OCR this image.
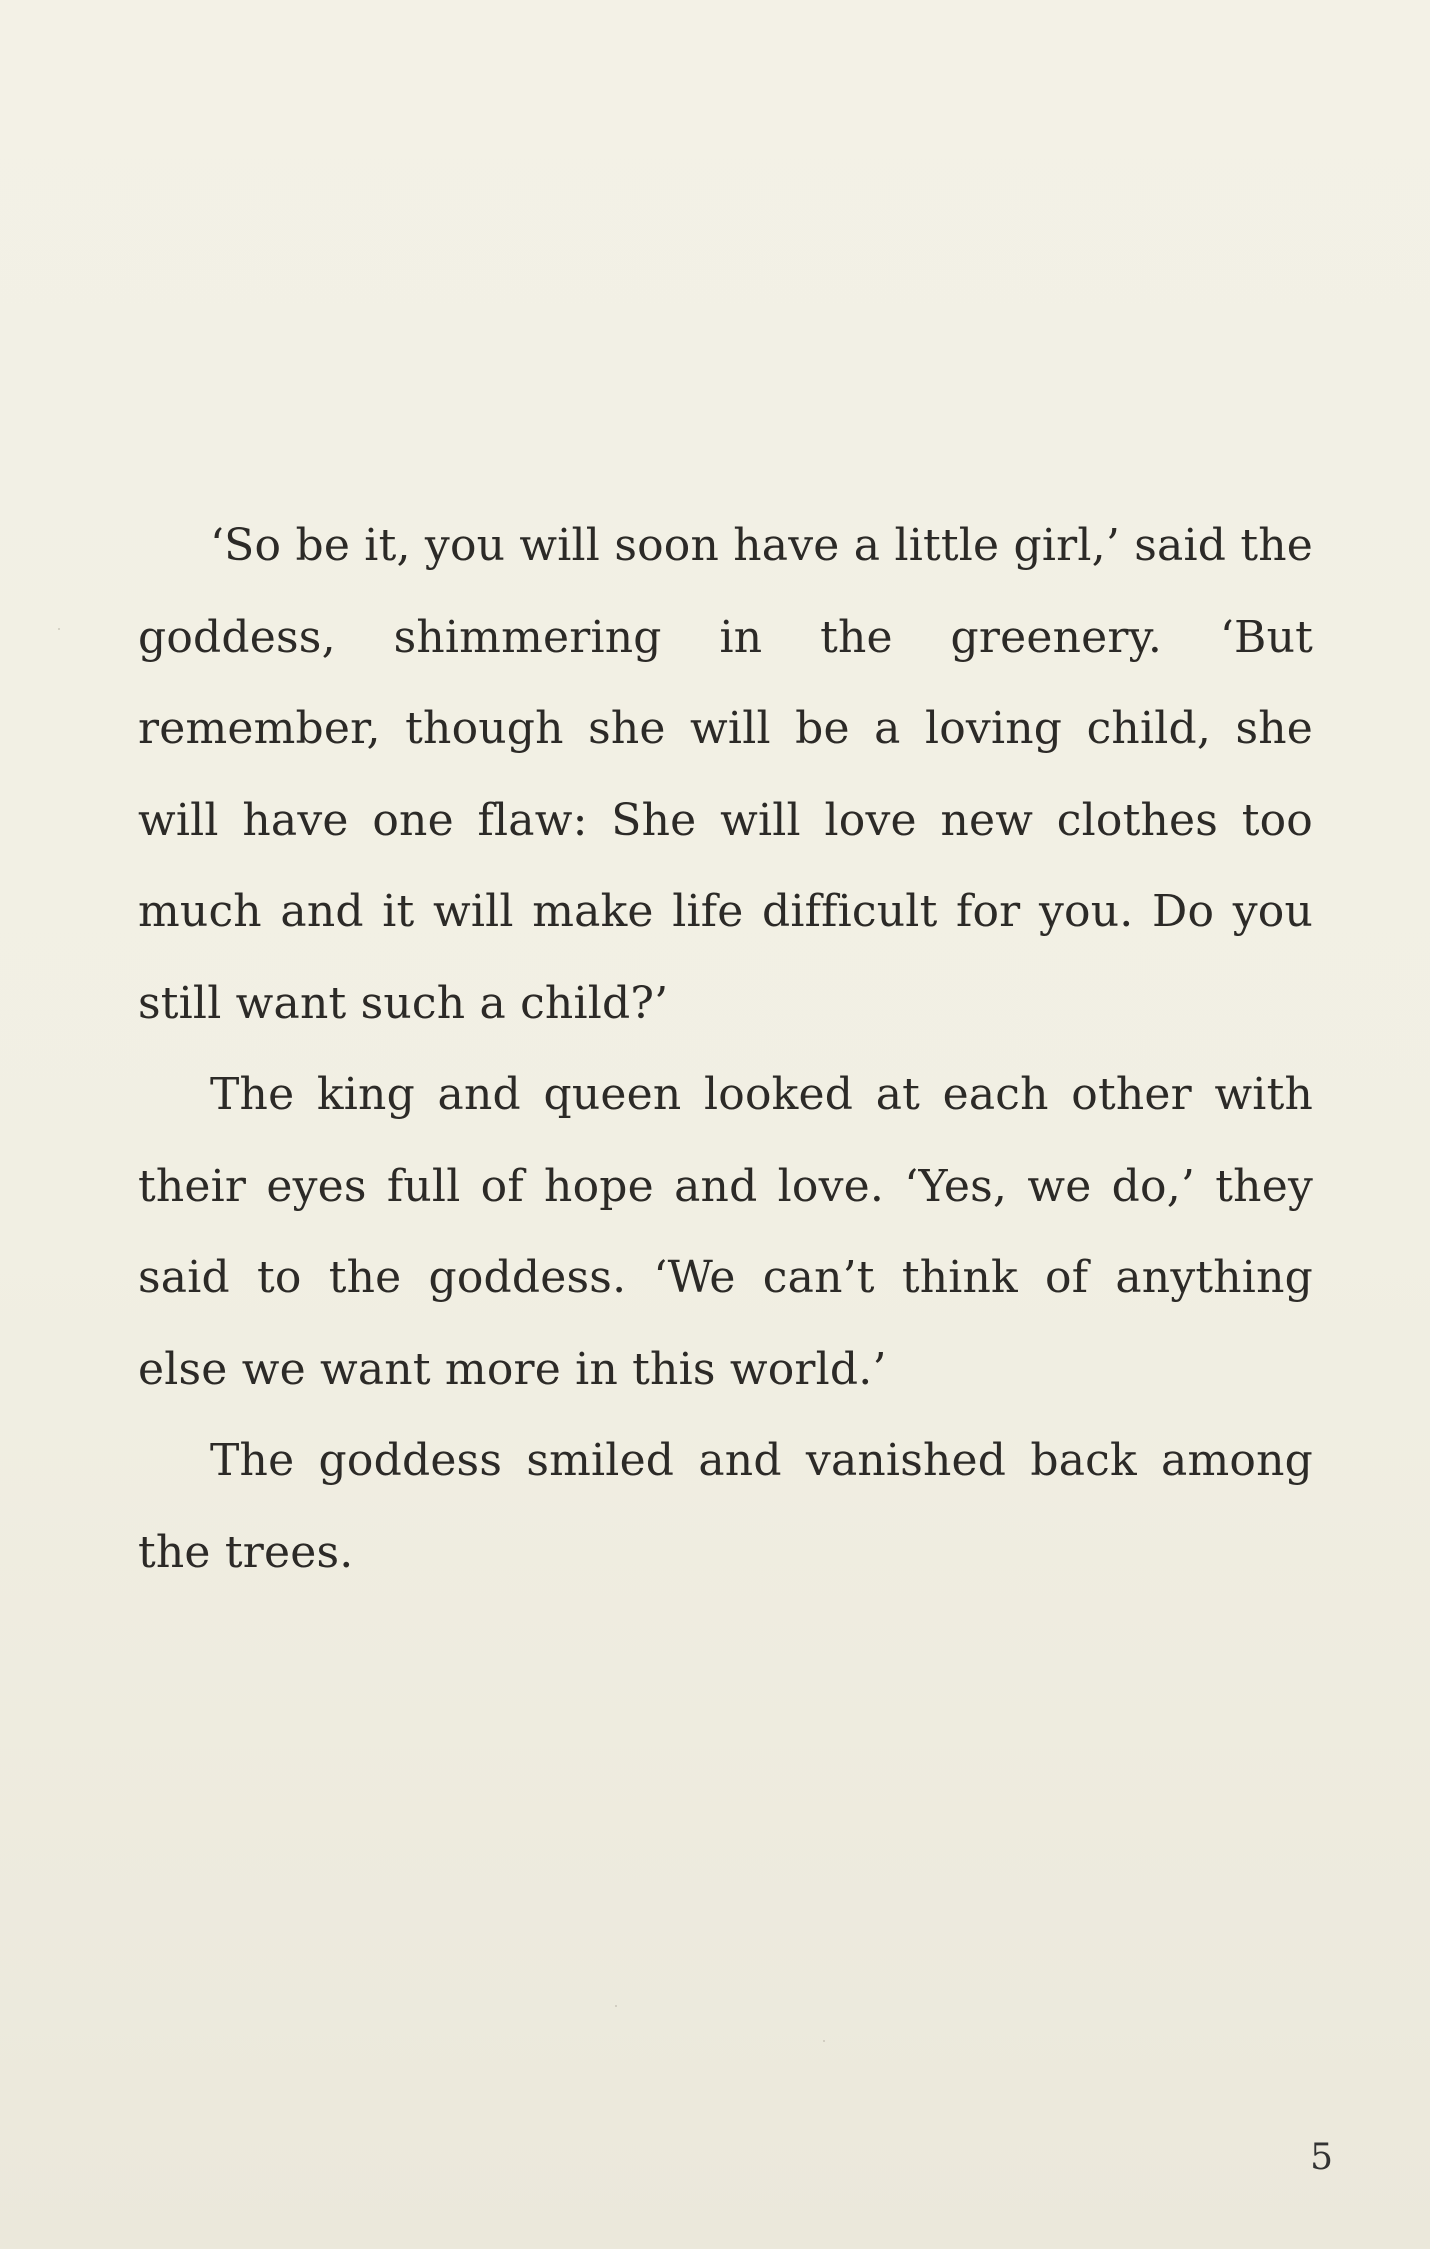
‘So be it, you will soon have a little girl,’ said the goddess, shimmering in the greenery. ‘But remember, though she will be a loving child, she will have one flaw: She will love new clothes too much and it will make life difficult for you. Do you still want such a child?’

The king and queen looked at each other with their eyes full of hope and love. ‘Yes, we do,’ they said to the goddess. ‘We can’t think of anything else we want more in this world.’

The goddess smiled and vanished back among the trees.

5
